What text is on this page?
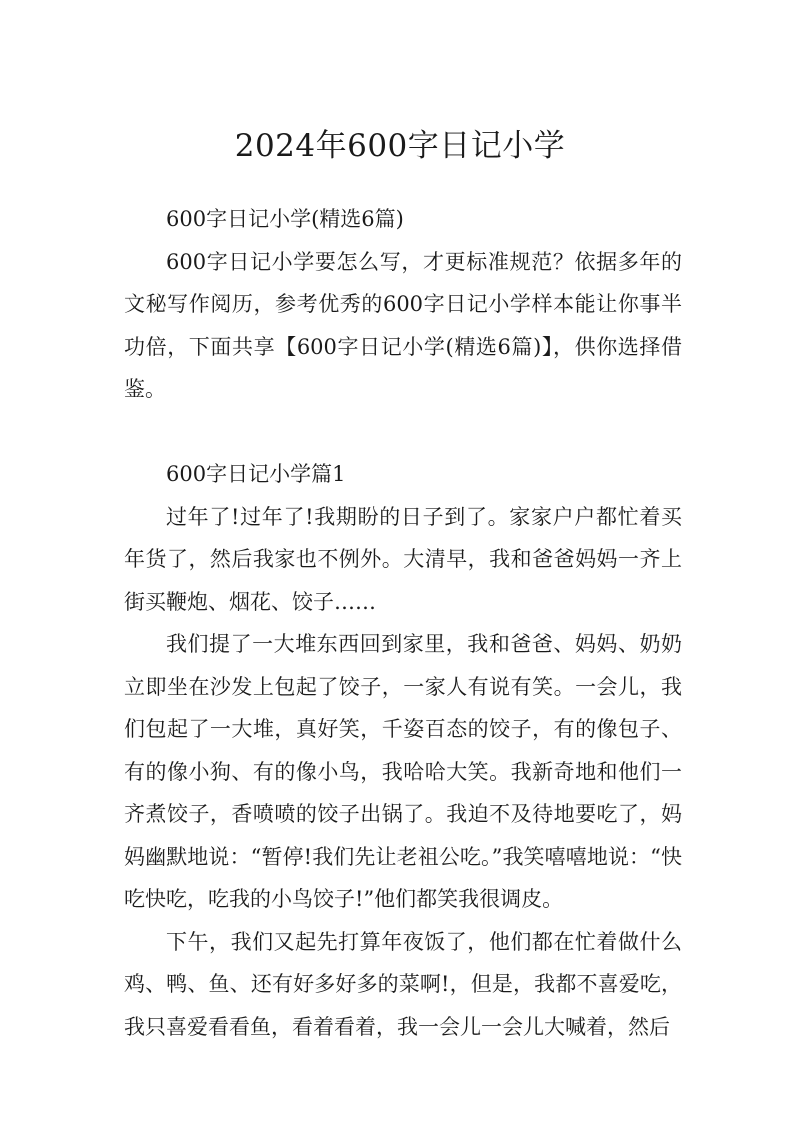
2024年600字日记小学

600字日记小学(精选6篇)

600字日记小学要怎么写，才更标准规范？依据多年的文秘写作阅历，参考优秀的600字日记小学样本能让你事半功倍，下面共享【600字日记小学(精选6篇)】，供你选择借鉴。

600字日记小学篇1

过年了!过年了!我期盼的日子到了。家家户户都忙着买年货了，然后我家也不例外。大清早，我和爸爸妈妈一齐上街买鞭炮、烟花、饺子……

我们提了一大堆东西回到家里，我和爸爸、妈妈、奶奶立即坐在沙发上包起了饺子，一家人有说有笑。一会儿，我们包起了一大堆，真好笑，千姿百态的饺子，有的像包子、有的像小狗、有的像小鸟，我哈哈大笑。我新奇地和他们一齐煮饺子，香喷喷的饺子出锅了。我迫不及待地要吃了，妈妈幽默地说：“暂停!我们先让老祖公吃。”我笑嘻嘻地说：“快吃快吃，吃我的小鸟饺子!”他们都笑我很调皮。

下午，我们又起先打算年夜饭了，他们都在忙着做什么鸡、鸭、鱼、还有好多好多的菜啊!，但是，我都不喜爱吃，我只喜爱看看鱼，看着看着，我一会儿一会儿大喊着，然后
